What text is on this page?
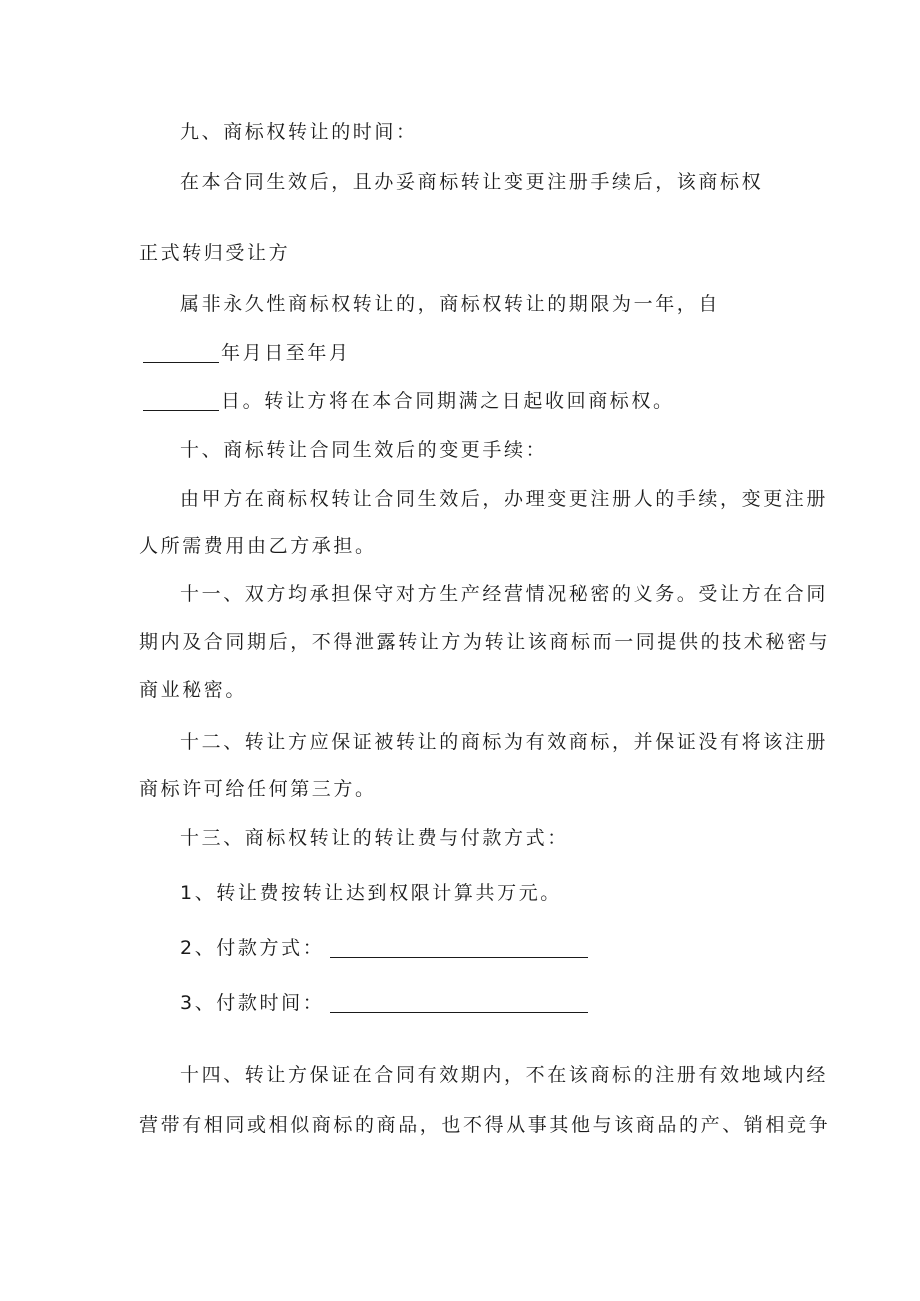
九、商标权转让的时间：
在本合同生效后，且办妥商标转让变更注册手续后，该商标权
正式转归受让方
属非永久性商标权转让的，商标权转让的期限为一年，自
年月日至年月
日。转让方将在本合同期满之日起收回商标权。
十、商标转让合同生效后的变更手续：
由甲方在商标权转让合同生效后，办理变更注册人的手续，变更注册
人所需费用由乙方承担。
十一、双方均承担保守对方生产经营情况秘密的义务。受让方在合同
期内及合同期后，不得泄露转让方为转让该商标而一同提供的技术秘密与
商业秘密。
十二、转让方应保证被转让的商标为有效商标，并保证没有将该注册
商标许可给任何第三方。
十三、商标权转让的转让费与付款方式：
1、转让费按转让达到权限计算共万元。
2、付款方式：
3、付款时间：
十四、转让方保证在合同有效期内，不在该商标的注册有效地域内经
营带有相同或相似商标的商品，也不得从事其他与该商品的产、销相竞争
